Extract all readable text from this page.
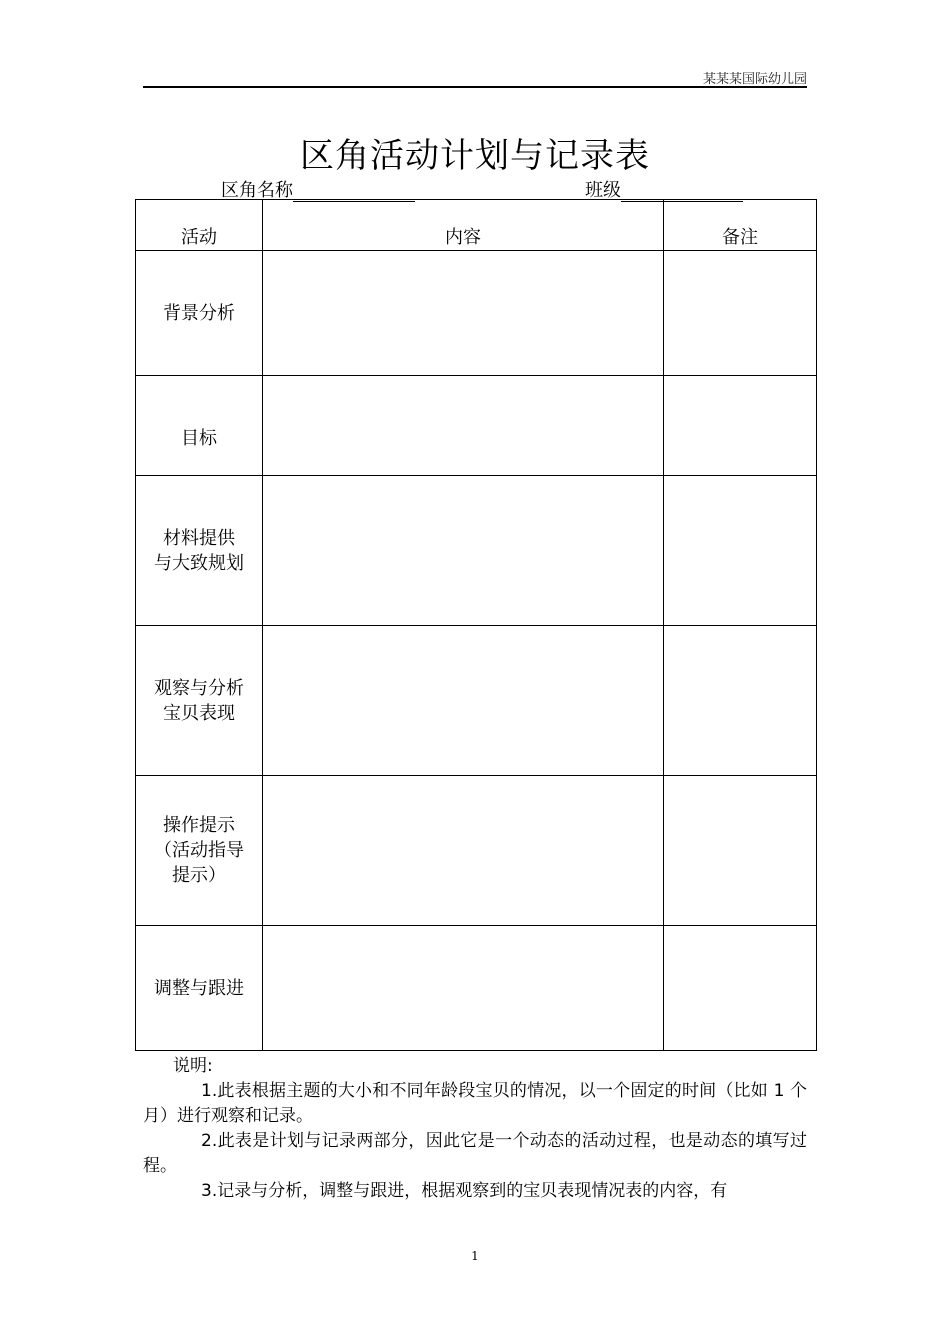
某某某国际幼儿园
区角活动计划与记录表
区角名称	班级
活动	内容	备注

背景分析		

目标		

材料提供
与大致规划		

观察与分析
宝贝表现		

操作提示
（活动指导
提示）		

调整与跟进		

说明:
1.此表根据主题的大小和不同年龄段宝贝的情况，以一个固定的时间（比如 1 个月）进行观察和记录。
2.此表是计划与记录两部分，因此它是一个动态的活动过程，也是动态的填写过程。
3.记录与分析，调整与跟进，根据观察到的宝贝表现情况表的内容，有
1
